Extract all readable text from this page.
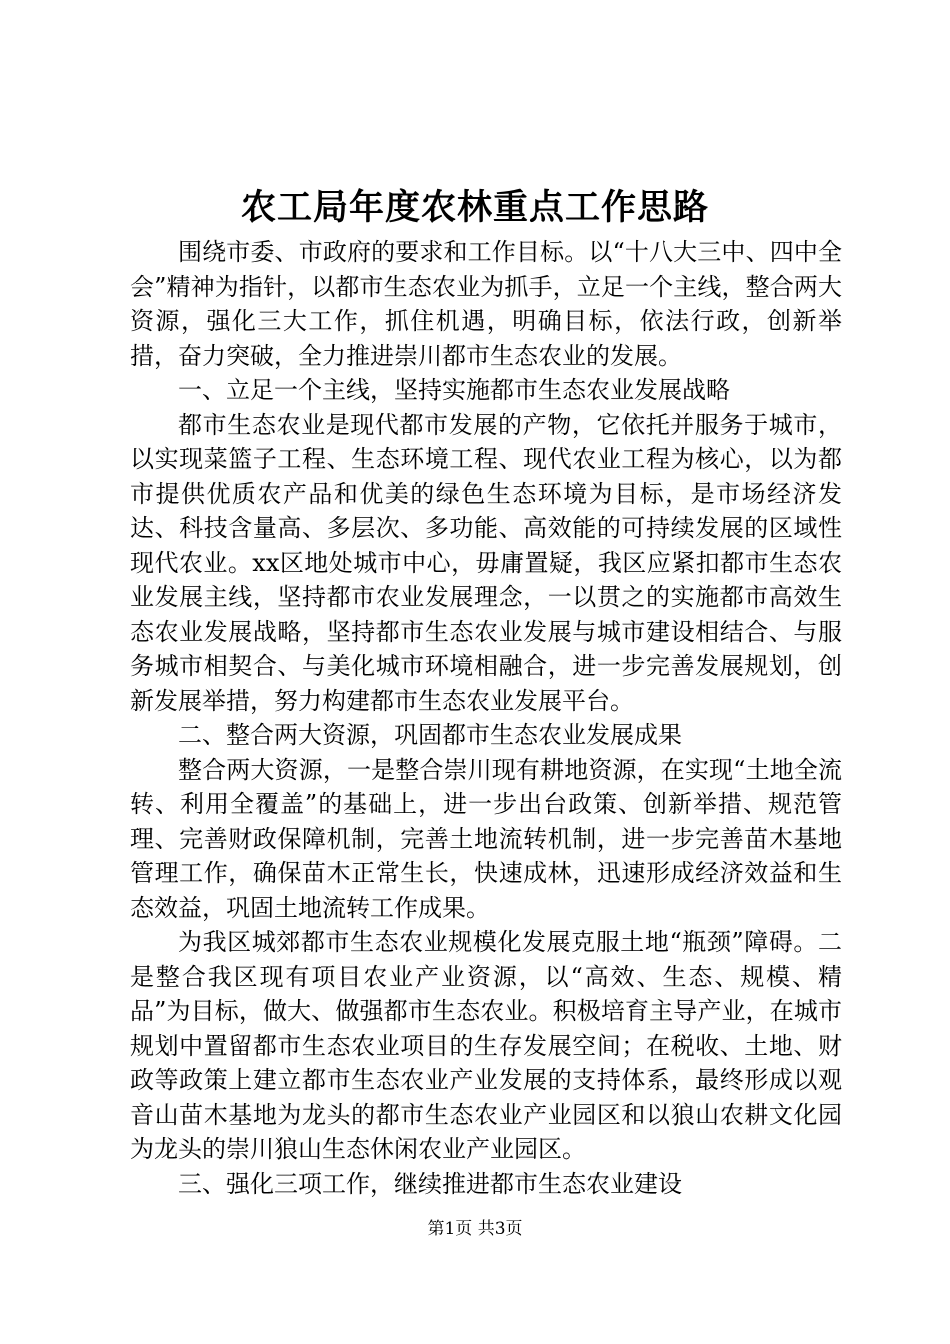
农工局年度农林重点工作思路

围绕市委、市政府的要求和工作目标。以“十八大三中、四中全会”精神为指针，以都市生态农业为抓手，立足一个主线，整合两大资源，强化三大工作，抓住机遇，明确目标，依法行政，创新举措，奋力突破，全力推进崇川都市生态农业的发展。

一、立足一个主线，坚持实施都市生态农业发展战略

都市生态农业是现代都市发展的产物，它依托并服务于城市，以实现菜篮子工程、生态环境工程、现代农业工程为核心，以为都市提供优质农产品和优美的绿色生态环境为目标，是市场经济发达、科技含量高、多层次、多功能、高效能的可持续发展的区域性现代农业。xx区地处城市中心，毋庸置疑，我区应紧扣都市生态农业发展主线，坚持都市农业发展理念，一以贯之的实施都市高效生态农业发展战略，坚持都市生态农业发展与城市建设相结合、与服务城市相契合、与美化城市环境相融合，进一步完善发展规划，创新发展举措，努力构建都市生态农业发展平台。

二、整合两大资源，巩固都市生态农业发展成果

整合两大资源，一是整合崇川现有耕地资源，在实现“土地全流转、利用全覆盖”的基础上，进一步出台政策、创新举措、规范管理、完善财政保障机制，完善土地流转机制，进一步完善苗木基地管理工作，确保苗木正常生长，快速成林，迅速形成经济效益和生态效益，巩固土地流转工作成果。

为我区城郊都市生态农业规模化发展克服土地“瓶颈”障碍。二是整合我区现有项目农业产业资源，以“高效、生态、规模、精品”为目标，做大、做强都市生态农业。积极培育主导产业，在城市规划中置留都市生态农业项目的生存发展空间；在税收、土地、财政等政策上建立都市生态农业产业发展的支持体系，最终形成以观音山苗木基地为龙头的都市生态农业产业园区和以狼山农耕文化园为龙头的崇川狼山生态休闲农业产业园区。

三、强化三项工作，继续推进都市生态农业建设

第1页 共3页
